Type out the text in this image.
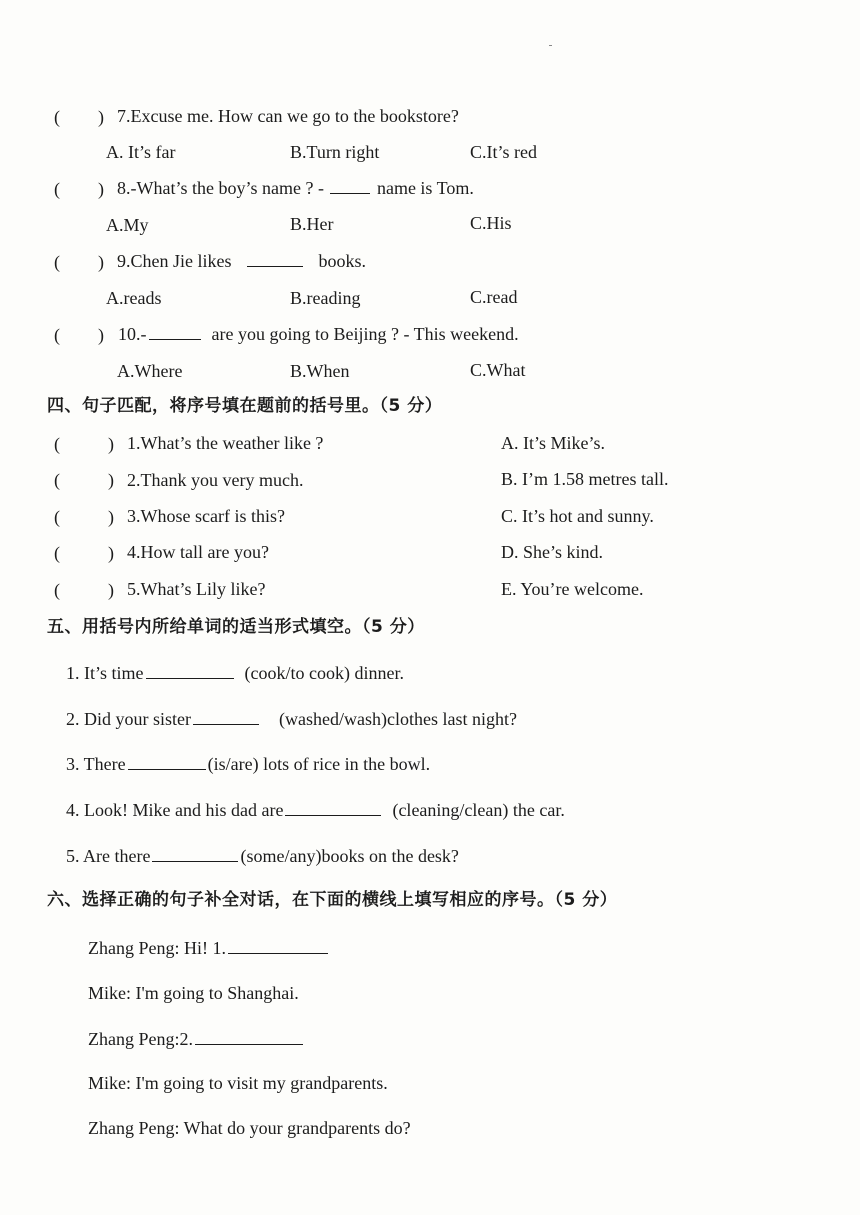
( ) 7.Excuse me. How can we go to the bookstore?
A. It’s far	B.Turn right	C.It’s red
( ) 8.-What’s the boy’s name ? -	name is Tom.
A.My	B.Her	C.His
( ) 9.Chen Jie likes	books.
A.reads	B.reading	C.read
( ) 10.-	are you going to Beijing ? - This weekend.
A.Where	B.When	C.What
四、句子匹配，将序号填在题前的括号里。（5 分）
(	) 1.What’s the weather like ?	A. It’s Mike’s.
(	) 2.Thank you very much.	B. I’m 1.58 metres tall.
(	) 3.Whose scarf is this?	C. It’s hot and sunny.
(	) 4.How tall are you?	D. She’s kind.
(	) 5.What’s Lily like?	E. You’re welcome.
五、用括号内所给单词的适当形式填空。（5 分）
1. It’s time	(cook/to cook) dinner.
2. Did your sister	(washed/wash)clothes last night?
3. There	(is/are) lots of rice in the bowl.
4. Look! Mike and his dad are	(cleaning/clean) the car.
5. Are there	(some/any)books on the desk?
六、选择正确的句子补全对话，在下面的横线上填写相应的序号。（5 分）
Zhang Peng: Hi! 1.
Mike: I'm going to Shanghai.
Zhang Peng:2.
Mike: I'm going to visit my grandparents.
Zhang Peng: What do your grandparents do?
